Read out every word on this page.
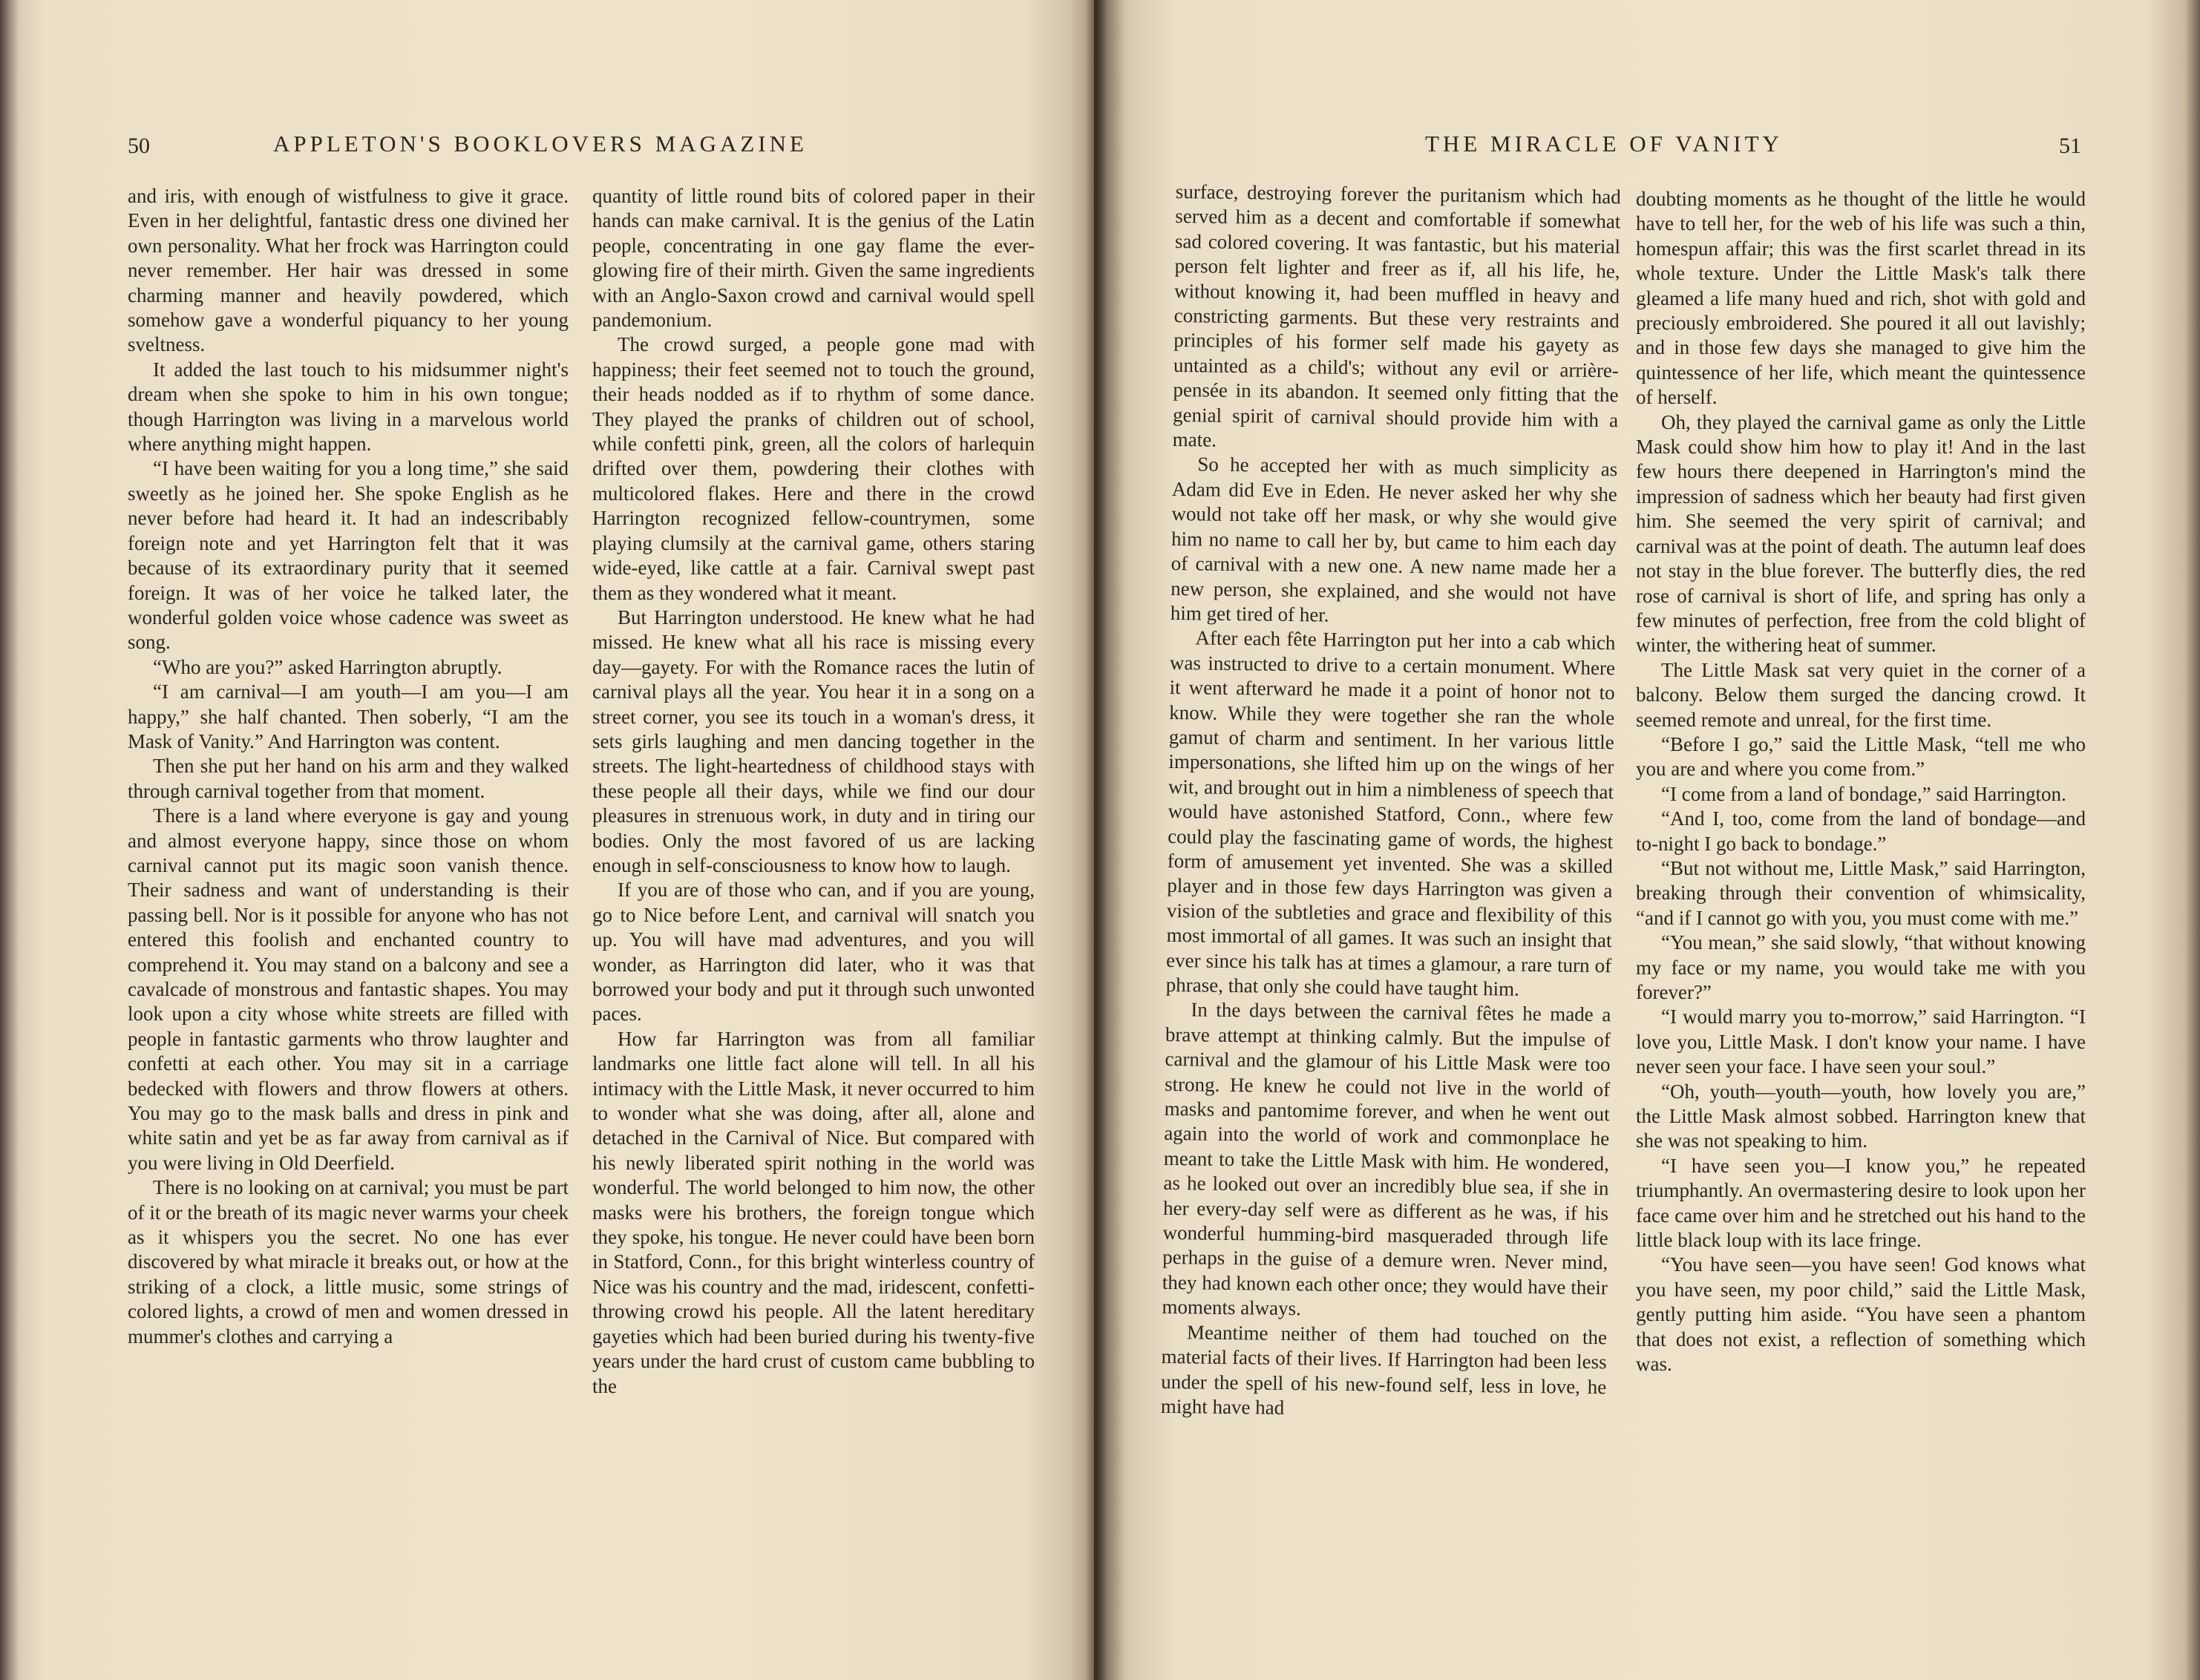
50	APPLETON'S BOOKLOVERS MAGAZINE

and iris, with enough of wistfulness to give it grace. Even in her delightful, fantastic dress one divined her own personality. What her frock was Harrington could never remember. Her hair was dressed in some charming manner and heavily powdered, which somehow gave a wonderful piquancy to her young sveltness.

It added the last touch to his midsummer night's dream when she spoke to him in his own tongue; though Harrington was living in a marvelous world where anything might happen.

“I have been waiting for you a long time,” she said sweetly as he joined her. She spoke English as he never before had heard it. It had an indescribably foreign note and yet Harrington felt that it was because of its extraordinary purity that it seemed foreign. It was of her voice he talked later, the wonderful golden voice whose cadence was sweet as song.

“Who are you?” asked Harrington abruptly.

“I am carnival—I am youth—I am you—I am happy,” she half chanted. Then soberly, “I am the Mask of Vanity.” And Harrington was content.

Then she put her hand on his arm and they walked through carnival together from that moment.

There is a land where everyone is gay and young and almost everyone happy, since those on whom carnival cannot put its magic soon vanish thence. Their sadness and want of understanding is their passing bell. Nor is it possible for anyone who has not entered this foolish and enchanted country to comprehend it. You may stand on a balcony and see a cavalcade of monstrous and fantastic shapes. You may look upon a city whose white streets are filled with people in fantastic garments who throw laughter and confetti at each other. You may sit in a carriage bedecked with flowers and throw flowers at others. You may go to the mask balls and dress in pink and white satin and yet be as far away from carnival as if you were living in Old Deerfield.

There is no looking on at carnival; you must be part of it or the breath of its magic never warms your cheek as it whispers you the secret. No one has ever discovered by what miracle it breaks out, or how at the striking of a clock, a little music, some strings of colored lights, a crowd of men and women dressed in mummer's clothes and carrying a

quantity of little round bits of colored paper in their hands can make carnival. It is the genius of the Latin people, concentrating in one gay flame the ever-glowing fire of their mirth. Given the same ingredients with an Anglo-Saxon crowd and carnival would spell pandemonium.

The crowd surged, a people gone mad with happiness; their feet seemed not to touch the ground, their heads nodded as if to rhythm of some dance. They played the pranks of children out of school, while confetti pink, green, all the colors of harlequin drifted over them, powdering their clothes with multicolored flakes. Here and there in the crowd Harrington recognized fellow-countrymen, some playing clumsily at the carnival game, others staring wide-eyed, like cattle at a fair. Carnival swept past them as they wondered what it meant.

But Harrington understood. He knew what he had missed. He knew what all his race is missing every day—gayety. For with the Romance races the lutin of carnival plays all the year. You hear it in a song on a street corner, you see its touch in a woman's dress, it sets girls laughing and men dancing together in the streets. The light-heartedness of childhood stays with these people all their days, while we find our dour pleasures in strenuous work, in duty and in tiring our bodies. Only the most favored of us are lacking enough in self-consciousness to know how to laugh.

If you are of those who can, and if you are young, go to Nice before Lent, and carnival will snatch you up. You will have mad adventures, and you will wonder, as Harrington did later, who it was that borrowed your body and put it through such unwonted paces.

How far Harrington was from all familiar landmarks one little fact alone will tell. In all his intimacy with the Little Mask, it never occurred to him to wonder what she was doing, after all, alone and detached in the Carnival of Nice. But compared with his newly liberated spirit nothing in the world was wonderful. The world belonged to him now, the other masks were his brothers, the foreign tongue which they spoke, his tongue. He never could have been born in Statford, Conn., for this bright winterless country of Nice was his country and the mad, iridescent, confetti-throwing crowd his people. All the latent hereditary gayeties which had been buried during his twenty-five years under the hard crust of custom came bubbling to the

THE MIRACLE OF VANITY	51

surface, destroying forever the puritanism which had served him as a decent and comfortable if somewhat sad colored covering. It was fantastic, but his material person felt lighter and freer as if, all his life, he, without knowing it, had been muffled in heavy and constricting garments. But these very restraints and principles of his former self made his gayety as untainted as a child's; without any evil or arrière-pensée in its abandon. It seemed only fitting that the genial spirit of carnival should provide him with a mate.

So he accepted her with as much simplicity as Adam did Eve in Eden. He never asked her why she would not take off her mask, or why she would give him no name to call her by, but came to him each day of carnival with a new one. A new name made her a new person, she explained, and she would not have him get tired of her.

After each fête Harrington put her into a cab which was instructed to drive to a certain monument. Where it went afterward he made it a point of honor not to know. While they were together she ran the whole gamut of charm and sentiment. In her various little impersonations, she lifted him up on the wings of her wit, and brought out in him a nimbleness of speech that would have astonished Statford, Conn., where few could play the fascinating game of words, the highest form of amusement yet invented. She was a skilled player and in those few days Harrington was given a vision of the subtleties and grace and flexibility of this most immortal of all games. It was such an insight that ever since his talk has at times a glamour, a rare turn of phrase, that only she could have taught him.

In the days between the carnival fêtes he made a brave attempt at thinking calmly. But the impulse of carnival and the glamour of his Little Mask were too strong. He knew he could not live in the world of masks and pantomime forever, and when he went out again into the world of work and commonplace he meant to take the Little Mask with him. He wondered, as he looked out over an incredibly blue sea, if she in her every-day self were as different as he was, if his wonderful humming-bird masqueraded through life perhaps in the guise of a demure wren. Never mind, they had known each other once; they would have their moments always.

Meantime neither of them had touched on the material facts of their lives. If Harrington had been less under the spell of his new-found self, less in love, he might have had

doubting moments as he thought of the little he would have to tell her, for the web of his life was such a thin, homespun affair; this was the first scarlet thread in its whole texture. Under the Little Mask's talk there gleamed a life many hued and rich, shot with gold and preciously embroidered. She poured it all out lavishly; and in those few days she managed to give him the quintessence of her life, which meant the quintessence of herself.

Oh, they played the carnival game as only the Little Mask could show him how to play it! And in the last few hours there deepened in Harrington's mind the impression of sadness which her beauty had first given him. She seemed the very spirit of carnival; and carnival was at the point of death. The autumn leaf does not stay in the blue forever. The butterfly dies, the red rose of carnival is short of life, and spring has only a few minutes of perfection, free from the cold blight of winter, the withering heat of summer.

The Little Mask sat very quiet in the corner of a balcony. Below them surged the dancing crowd. It seemed remote and unreal, for the first time.

“Before I go,” said the Little Mask, “tell me who you are and where you come from.”

“I come from a land of bondage,” said Harrington.

“And I, too, come from the land of bondage—and to-night I go back to bondage.”

“But not without me, Little Mask,” said Harrington, breaking through their convention of whimsicality, “and if I cannot go with you, you must come with me.”

“You mean,” she said slowly, “that without knowing my face or my name, you would take me with you forever?”

“I would marry you to-morrow,” said Harrington. “I love you, Little Mask. I don't know your name. I have never seen your face. I have seen your soul.”

“Oh, youth—youth—youth, how lovely you are,” the Little Mask almost sobbed. Harrington knew that she was not speaking to him.

“I have seen you—I know you,” he repeated triumphantly. An overmastering desire to look upon her face came over him and he stretched out his hand to the little black loup with its lace fringe.

“You have seen—you have seen! God knows what you have seen, my poor child,” said the Little Mask, gently putting him aside. “You have seen a phantom that does not exist, a reflection of something which was.
